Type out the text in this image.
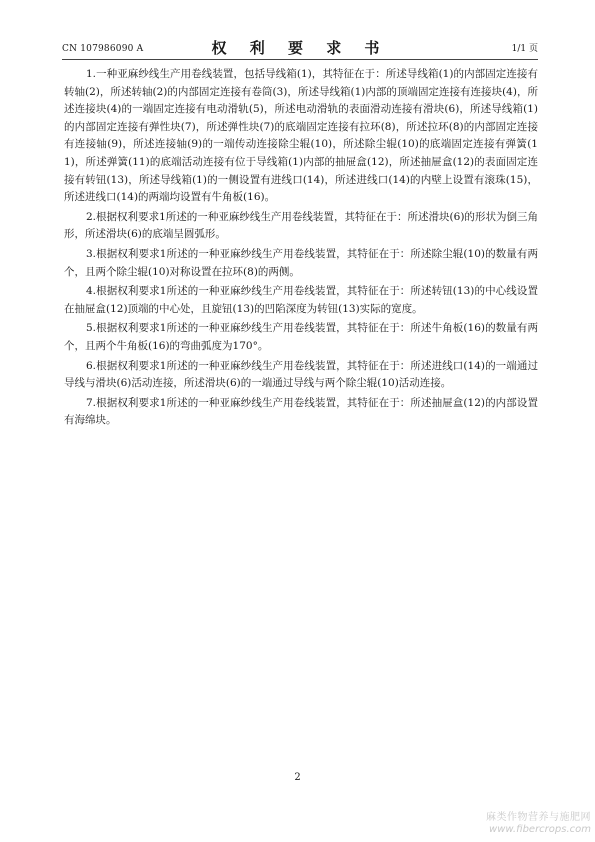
CN 107986090 A	权 利 要 求 书	1/1 页

1.一种亚麻纱线生产用卷线装置，包括导线箱(1)，其特征在于：所述导线箱(1)的内部固定连接有转轴(2)，所述转轴(2)的内部固定连接有卷筒(3)，所述导线箱(1)内部的顶端固定连接有连接块(4)，所述连接块(4)的一端固定连接有电动滑轨(5)，所述电动滑轨的表面滑动连接有滑块(6)，所述导线箱(1)的内部固定连接有弹性块(7)，所述弹性块(7)的底端固定连接有拉环(8)，所述拉环(8)的内部固定连接有连接轴(9)，所述连接轴(9)的一端传动连接除尘辊(10)，所述除尘辊(10)的底端固定连接有弹簧(11)，所述弹簧(11)的底端活动连接有位于导线箱(1)内部的抽屉盒(12)，所述抽屉盒(12)的表面固定连接有转钮(13)，所述导线箱(1)的一侧设置有进线口(14)，所述进线口(14)的内壁上设置有滚珠(15)，所述进线口(14)的两端均设置有牛角板(16)。

2.根据权利要求1所述的一种亚麻纱线生产用卷线装置，其特征在于：所述滑块(6)的形状为倒三角形，所述滑块(6)的底端呈圆弧形。

3.根据权利要求1所述的一种亚麻纱线生产用卷线装置，其特征在于：所述除尘辊(10)的数量有两个，且两个除尘辊(10)对称设置在拉环(8)的两侧。

4.根据权利要求1所述的一种亚麻纱线生产用卷线装置，其特征在于：所述转钮(13)的中心线设置在抽屉盒(12)顶端的中心处，且旋钮(13)的凹陷深度为转钮(13)实际的宽度。

5.根据权利要求1所述的一种亚麻纱线生产用卷线装置，其特征在于：所述牛角板(16)的数量有两个，且两个牛角板(16)的弯曲弧度为170°。

6.根据权利要求1所述的一种亚麻纱线生产用卷线装置，其特征在于：所述进线口(14)的一端通过导线与滑块(6)活动连接，所述滑块(6)的一端通过导线与两个除尘辊(10)活动连接。

7.根据权利要求1所述的一种亚麻纱线生产用卷线装置，其特征在于：所述抽屉盒(12)的内部设置有海绵块。

2
麻类作物营养与施肥网
www.fibercrops.com
